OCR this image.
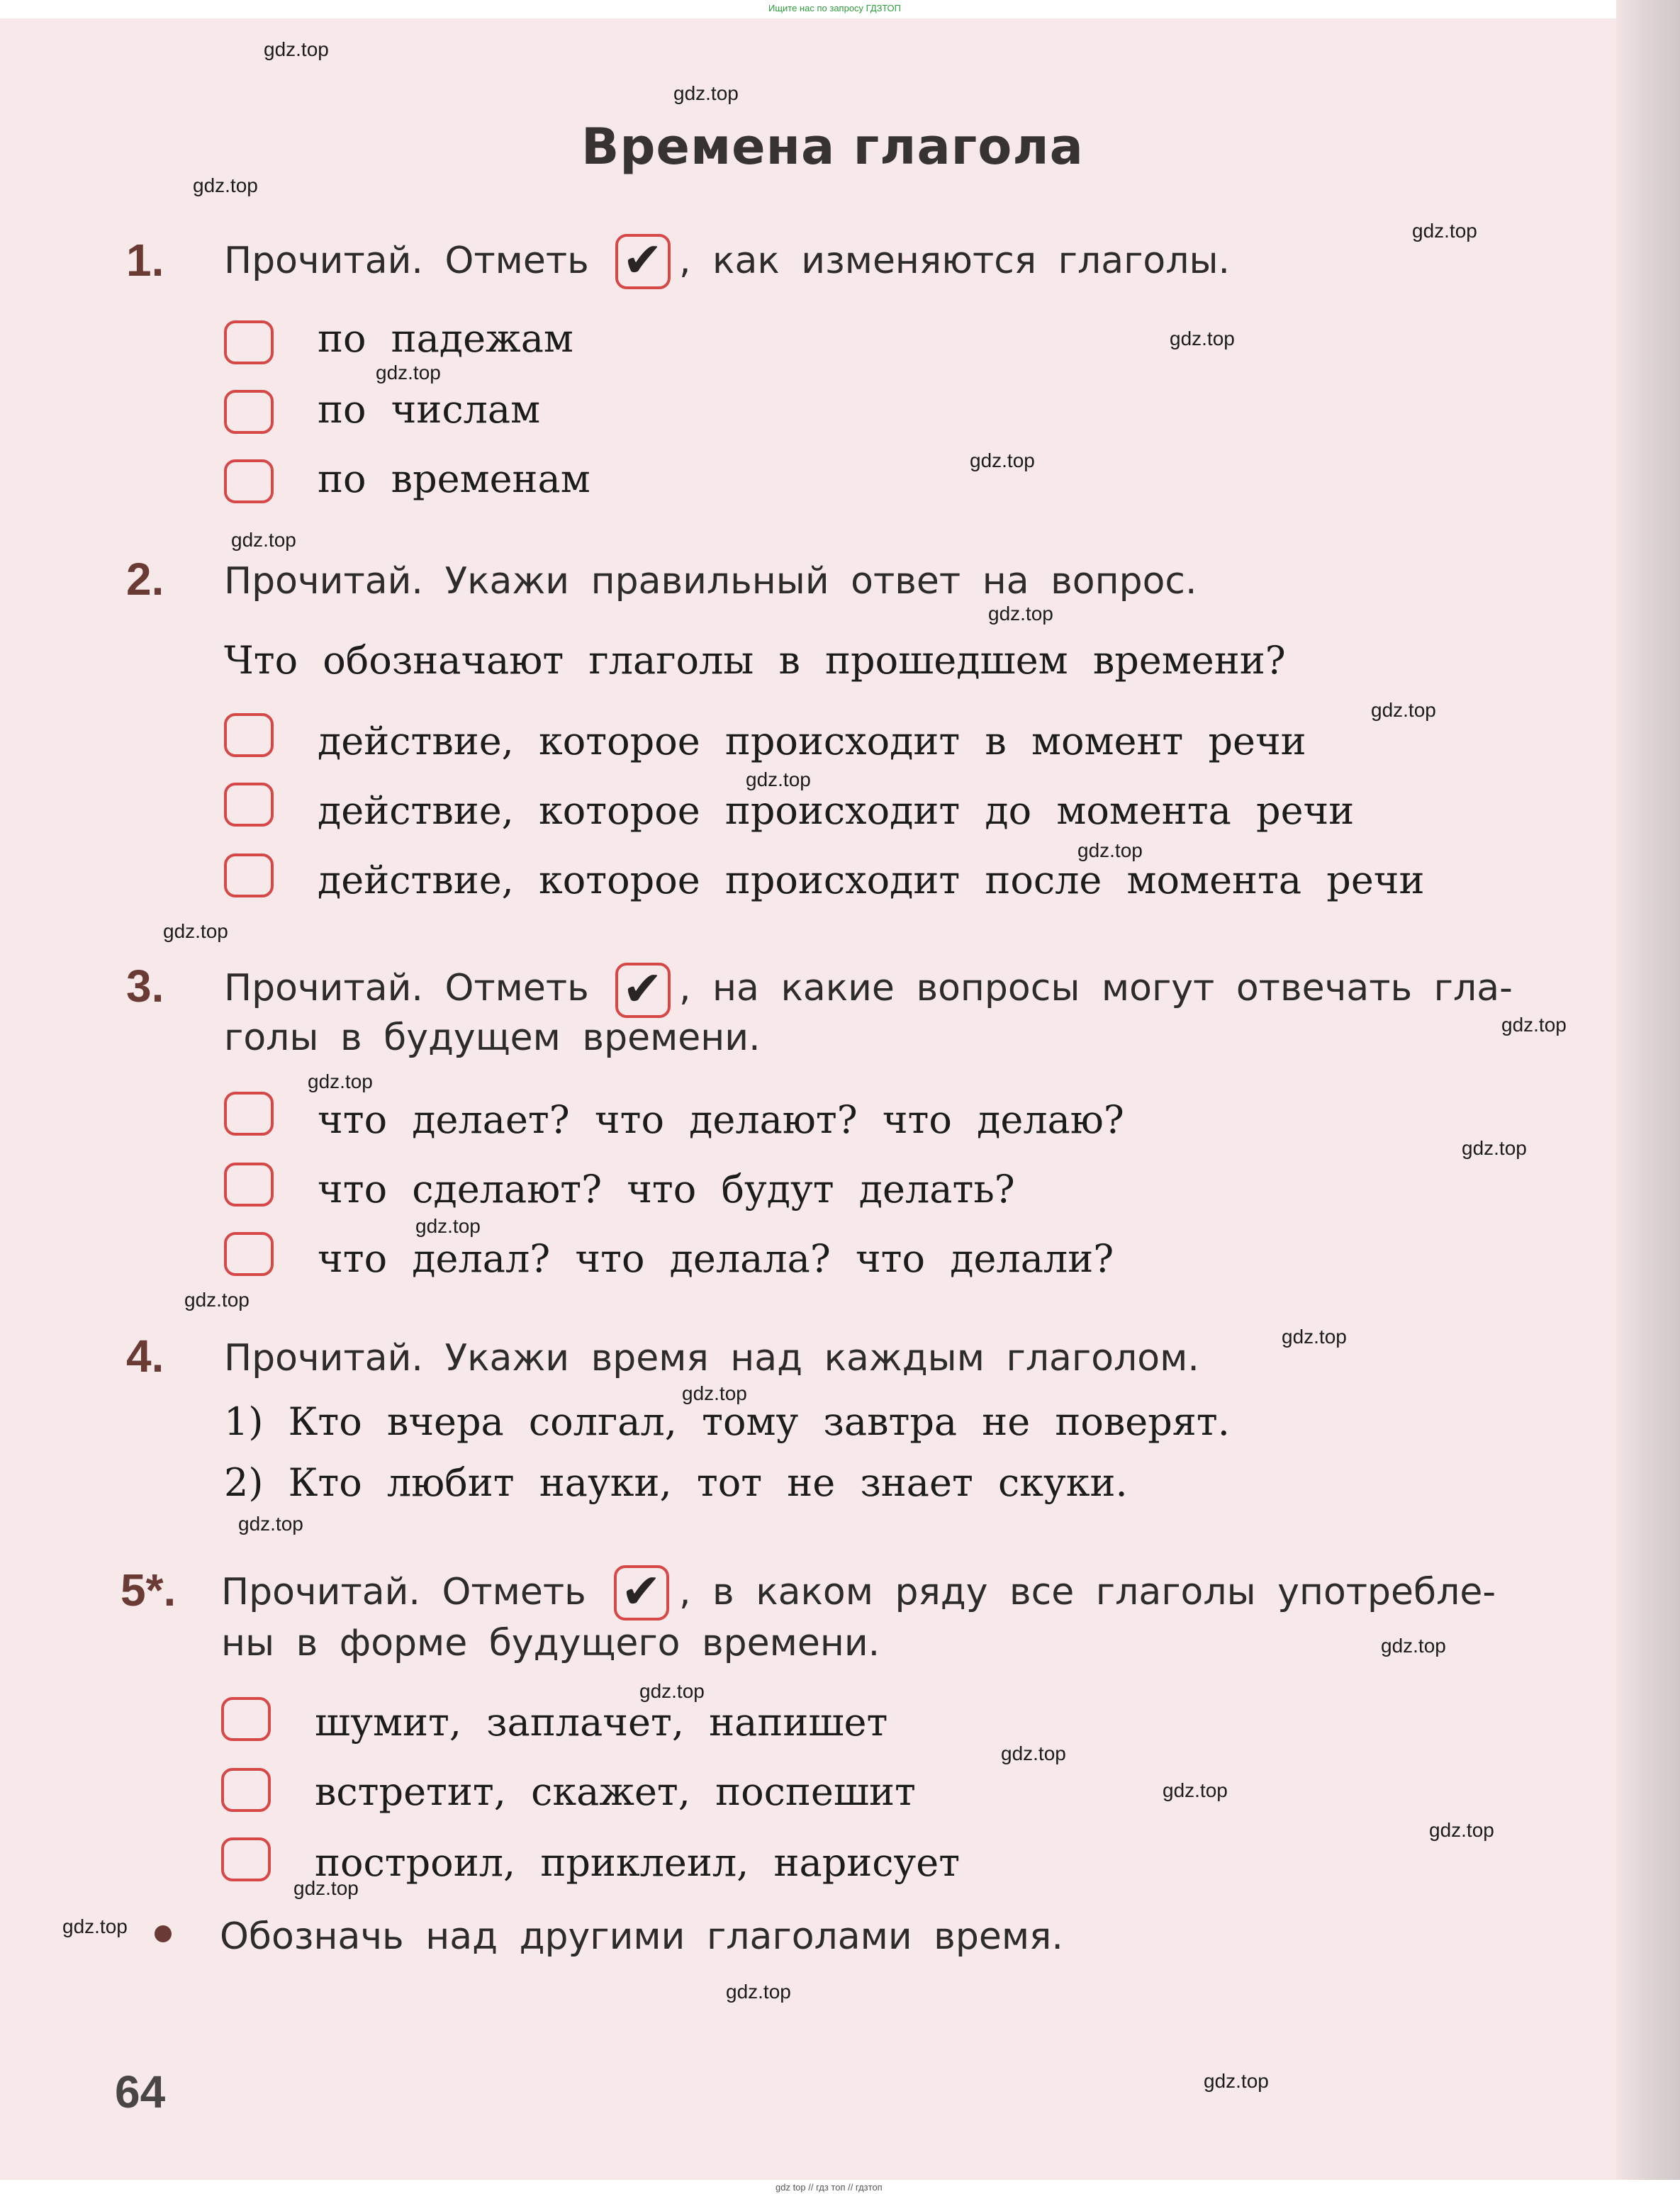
Ищите нас по запросу ГДЗТОП
gdz.top
gdz.top
gdz.top
gdz.top
gdz.top
gdz.top
gdz.top
gdz.top
gdz.top
gdz.top
gdz.top
gdz.top
gdz.top
gdz.top
gdz.top
gdz.top
gdz.top
gdz.top
gdz.top
gdz.top
gdz.top
gdz.top
gdz.top
gdz.top
gdz.top
gdz.top
gdz.top
gdz.top
gdz.top
gdz.top
Времена глагола
1. Прочитай. Отметь ✔ , как изменяются глаголы.
по падежам
по числам
по временам
2. Прочитай. Укажи правильный ответ на вопрос.
Что обозначают глаголы в прошедшем времени?
действие, которое происходит в момент речи
действие, которое происходит до момента речи
действие, которое происходит после момента речи
3. Прочитай. Отметь ✔ , на какие вопросы могут отвечать гла-
голы в будущем времени.
что делает? что делают? что делаю?
что сделают? что будут делать?
что делал? что делала? что делали?
4. Прочитай. Укажи время над каждым глаголом.
1) Кто вчера солгал, тому завтра не поверят.
2) Кто любит науки, тот не знает скуки.
5*. Прочитай. Отметь ✔ , в каком ряду все глаголы употребле-
ны в форме будущего времени.
шумит, заплачет, напишет
встретит, скажет, поспешит
построил, приклеил, нарисует
Обозначь над другими глаголами время.
64
gdz top // гдз топ // гдзтоп
